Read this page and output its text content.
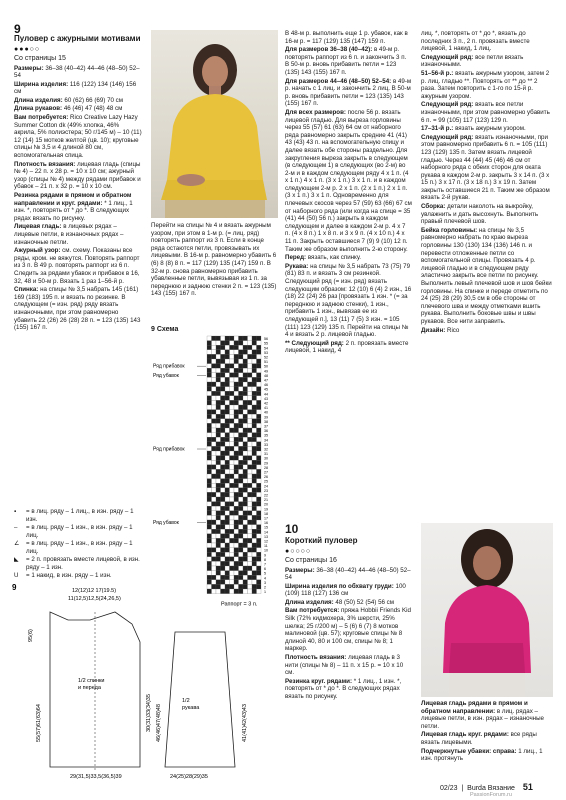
9
Пуловер с ажурными мотивами
●●●○○
Со страницы 15

Размеры: 36–38 (40–42) 44–46 (48–50) 52–54

Ширина изделия: 116 (122) 134 (146) 156 см

Длина изделия: 60 (62) 66 (69) 70 см

Длина рукавов: 46 (46) 47 (48) 48 см

Вам потребуется: Rico Creative Lazy Hazy Summer Cotton dk (49% хлопка, 46% акрила, 5% полиэстера; 50 г/145 м) – 10 (11) 12 (14) 15 мотков желтой (цв. 10); круговые спицы № 3,5 и 4 длиной 80 см, вспомогательная спица.

Плотность вязания: лицевая гладь (спицы № 4) – 22 п. x 28 р. = 10 x 10 см; ажурный узор (спицы № 4) между рядами прибавок и убавок – 21 п. x 32 р. = 10 x 10 см.

Резинка рядами в прямом и обратном направлении и круг. рядами: * 1 лиц., 1 изн. *, повторять от * до *. В следующих рядах вязать по рисунку.

Лицевая гладь: в лицевых рядах – лицевые петли, в изнаночных рядах – изнаночные петли.

Ажурный узор: см. схему. Показаны все ряды, кром. не вяжутся. Повторять раппорт из 3 п. В 49 р. повторять раппорт из 6 п. Следить за рядами убавок и прибавок в 16, 32, 48 и 50-м р. Вязать 1 раз 1–56-й р.

Спинка: на спицы № 3,5 набрать 145 (161) 169 (183) 195 п. и вязать по резинке. В следующем (= изн. ряд) ряду вязать изнаночными, при этом равномерно убавить 22 (26) 26 (28) 28 п. = 123 (135) 143 (155) 167 п.

Перейти на спицы № 4 и вязать ажурным узором, при этом в 1-м р. (= лиц. ряд) повторять раппорт из 3 п. Если в конце ряда остаются петли, провязывать их лицевыми. В 16-м р. равномерно убавить 6 (6) 8 (8) 8 п. = 117 (129) 135 (147) 159 п. В 32-м р. снова равномерно прибавить убавленные петли, вывязывая из 1 п. за переднюю и заднюю стенки 2 п. = 123 (135) 143 (155) 167 п.
9 Схема
56
55
54
53
52
51
50
49
48
47
46
45
44
43
42
41
40
39
38
37
36
35
34
33
32
31
30
29
28
27
26
25
24
23
22
21
20
19
18
17
16
15
14
13
12
11
10
9
8
7
6
5
4
3
2
1
Ряд прибавок
Ряд убавок
Ряд прибавок
Ряд убавок
Раппорт = 3 п.
▪	= в лиц. ряду – 1 лиц., в изн. ряду – 1 изн.
–	= в лиц. ряду – 1 изн., в изн. ряду – 1 лиц.
∠	= в лиц. ряду – 1 изн., в изн. ряду – 1 лиц.
◣	= 2 п. провязать вместе лицевой, в изн. ряду – 1 изн.
U	= 1 накид, в изн. ряду – 1 изн.
9	12(12)12 17(19.5)
11(12,5)12,5(24,26,5)
1/2 спинки и переда
55(57)61(63)64
95(6)
30(31)33(34)35
29(31,5)33,5(36,5)39
1/2 рукава
46(46)47(48)48	41(41)42(43)43
24(25)28(29)35

В 48-м р. выполнить еще 1 р. убавок, как в 16-м р. = 117 (129) 135 (147) 159 п.

Для размеров 36–38 (40–42): в 49-м р. повторять раппорт из 6 п. и закончить 3 п. В 50-м р. вновь прибавить петли = 123 (135) 143 (155) 167 п.

Для размеров 44–46 (48–50) 52–54: в 49-м р. начать с 1 лиц. и закончить 2 лиц. В 50-м р. вновь прибавить петли = 123 (135) 143 (155) 167 п.

Для всех размеров: после 56 р. вязать лицевой гладью. Для выреза горловины через 55 (57) 61 (63) 64 см от наборного ряда равномерно закрыть средние 41 (41) 43 (43) 43 п. на вспомогательную спицу и далее вязать обе стороны раздельно. Для закругления выреза закрыть в следующем (в следующем 1) в следующих (во 2-м) во 2-м и в каждом следующем ряду 4 x 1 п. (4 x 1 п.) 4 x 1 п. (3 x 1 п.) 3 x 1 п. и в каждом следующем 2-м р. 2 x 1 п. (2 x 1 п.) 2 x 1 п. (3 x 1 п.) 3 x 1 п. Одновременно для плечевых скосов через 57 (59) 63 (66) 67 см от наборного ряда (или когда на спице = 35 (41) 44 (50) 56 п.) закрыть в каждом следующем и далее в каждом 2-м р. 4 x 7 п. (4 x 8 п.) 1 x 8 п. и 3 x 9 п. (4 x 10 п.) 4 x 11 п. Закрыть оставшиеся 7 (9) 9 (10) 12 п. Таким же образом выполнить 2-ю сторону.

Перед: вязать, как спинку.

Рукава: на спицы № 3,5 набрать 73 (75) 79 (81) 83 п. и вязать 3 см резинкой. Следующий ряд (= изн. ряд) вязать следующим образом: 12 (10) 6 (4) 2 изн., 16 (18) 22 (24) 26 раз [провязать 1 изн. * (= за переднюю и заднюю стенки), 1 изн., прибавить 1 изн., вывязав ее из следующей п.], 13 (11) 7 (5) 3 изн. = 105 (111) 123 (129) 135 п. Перейти на спицы № 4 и вязать 2 р. лицевой гладью.

** Следующий ряд: 2 п. провязать вместе лицевой, 1 накид, 4

лиц. *, повторять от * до *, вязать до последних 3 п., 2 п. провязать вместе лицевой, 1 накид, 1 лиц.

Следующий ряд: все петли вязать изнаночными.

51–56-й р.: вязать ажурным узором, затем 2 р. лиц. гладью **. Повторять от ** до ** 2 раза. Затем повторить с 1-го по 15-й р. ажурным узором.

Следующий ряд: вязать все петли изнаночными, при этом равномерно убавить 6 п. = 99 (105) 117 (123) 129 п.

17–31-й р.: вязать ажурным узором.

Следующий ряд: вязать изнаночными, при этом равномерно прибавить 6 п. = 105 (111) 123 (129) 135 п. Затем вязать лицевой гладью. Через 44 (44) 45 (46) 46 см от наборного ряда с обеих сторон для оката рукава в каждом 2-м р. закрыть 3 x 14 п. (3 x 15 п.) 3 x 17 п. (3 x 18 п.) 3 x 19 п. Затем закрыть оставшиеся 21 п. Таким же образом вязать 2-й рукав.

Сборка: детали наколоть на выкройку, увлажнить и дать высохнуть. Выполнить правый плечевой шов.

Бейка горловины: на спицы № 3,5 равномерно набрать по краю выреза горловины 130 (130) 134 (136) 146 п. и перевести отложенные петли со вспомогательной спицы. Провязать 4 р. лицевой гладью и в следующем ряду эластично закрыть все петли по рисунку. Выполнить левый плечевой шов и шов бейки горловины. На спинке и переде отметить по 24 (25) 28 (29) 30,5 см в обе стороны от плечевого шва и между отметками вшить рукава. Выполнить боковые швы и швы рукавов. Все нити заправить.

Дизайн: Rico

10
Короткий пуловер
●○○○○
Со страницы 16

Размеры: 36–38 (40–42) 44–46 (48–50) 52–54

Ширина изделия по обхвату груди: 100 (109) 118 (127) 136 см

Длина изделия: 48 (50) 52 (54) 56 см

Вам потребуется: пряжа Hobbii Friends Kid Silk (72% кидмохера, 3% шерсти, 25% шелка; 25 г/200 м) – 5 (6) 6 (7) 8 мотков малиновой (цв. 57); круговые спицы № 8 длиной 40, 80 и 100 см, спицы № 8; 1 маркер.

Плотность вязания: лицевая гладь в 3 нити (спицы № 8) – 11 п. x 15 р. = 10 x 10 см.

Резинка круг. рядами: * 1 лиц., 1 изн. *, повторять от * до *. В следующих рядах вязать по рисунку.

Лицевая гладь рядами в прямом и обратном направлении: в лиц. рядах – лицевые петли, в изн. рядах – изнаночные петли.

Лицевая гладь круг. рядами: все ряды вязать лицевыми.

Подчеркнутые убавки: справа: 1 лиц., 1 изн. протянуть

02/23  |  Burda Вязание 51
PassionForum.ru
